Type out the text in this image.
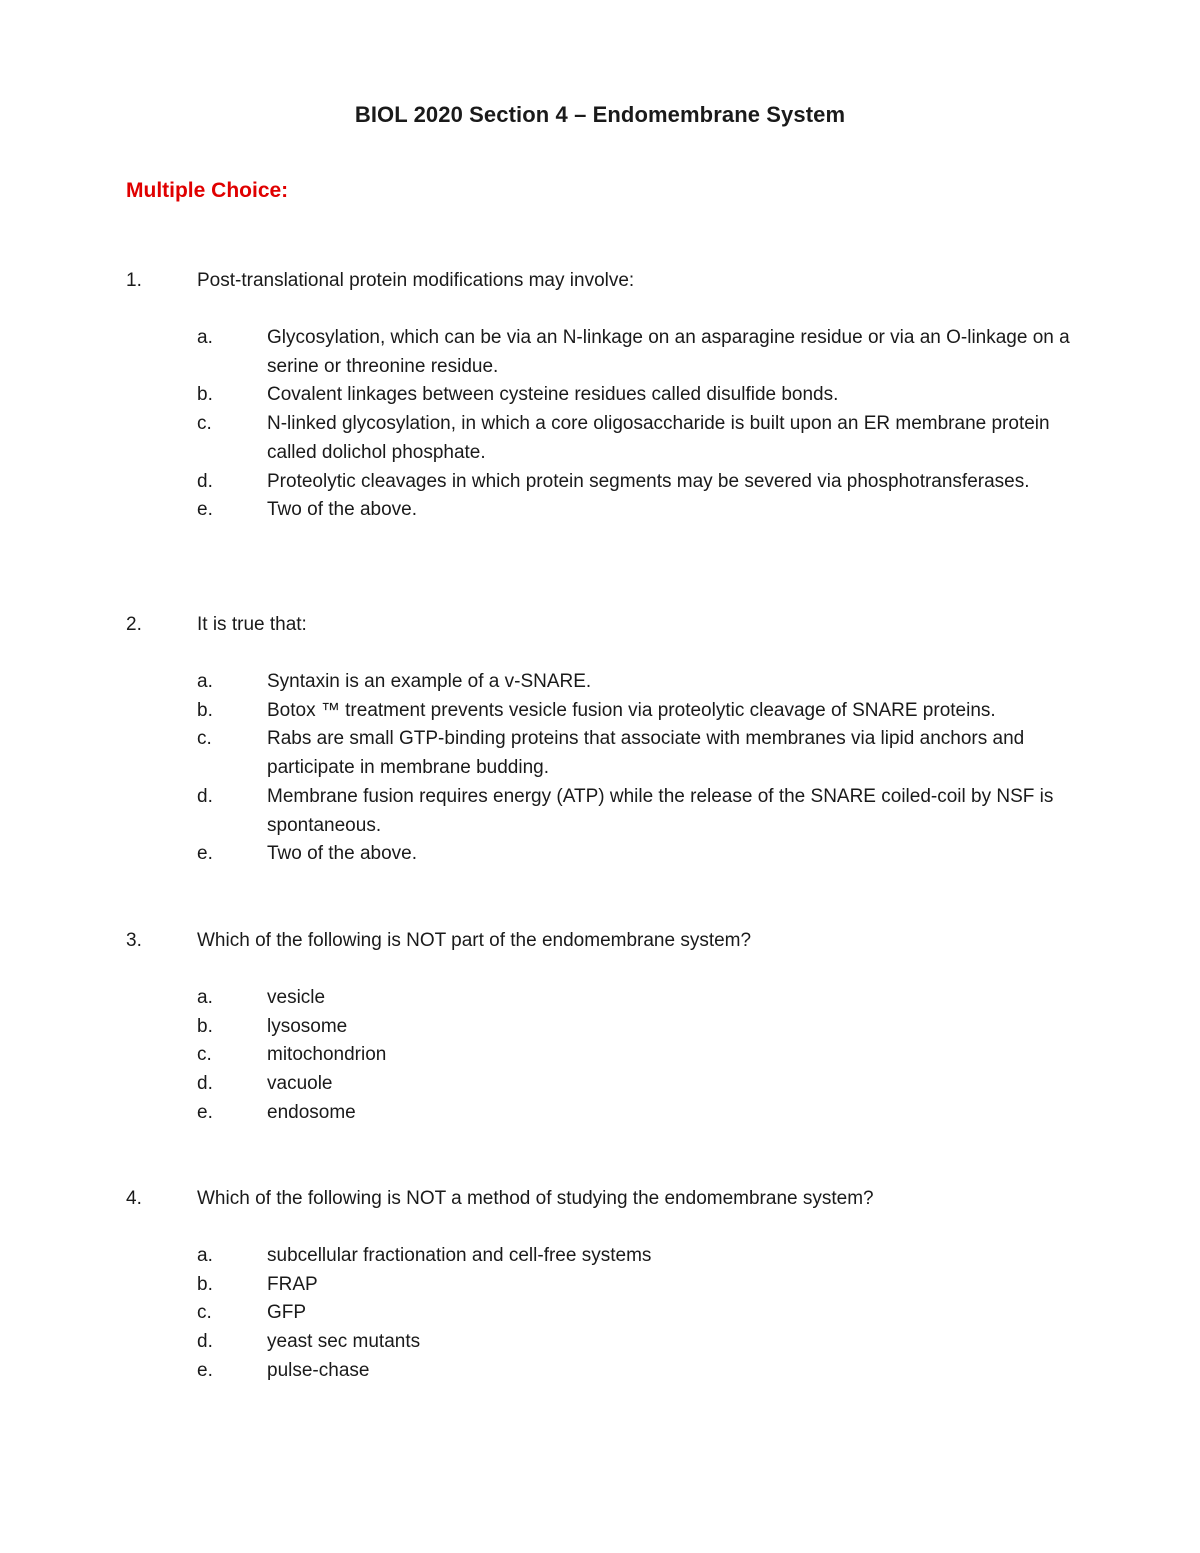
BIOL 2020 Section 4 – Endomembrane System
Multiple Choice:
1.	Post-translational protein modifications may involve:
a.	Glycosylation, which can be via an N-linkage on an asparagine residue or via an O-linkage on a serine or threonine residue.
b.	Covalent linkages between cysteine residues called disulfide bonds.
c.	N-linked glycosylation, in which a core oligosaccharide is built upon an ER membrane protein called dolichol phosphate.
d.	Proteolytic cleavages in which protein segments may be severed via phosphotransferases.
e.	Two of the above.
2.	It is true that:
a.	Syntaxin is an example of a v-SNARE.
b.	Botox ™ treatment prevents vesicle fusion via proteolytic cleavage of SNARE proteins.
c.	Rabs are small GTP-binding proteins that associate with membranes via lipid anchors and participate in membrane budding.
d.	Membrane fusion requires energy (ATP) while the release of the SNARE coiled-coil by NSF is spontaneous.
e.	Two of the above.
3.	Which of the following is NOT part of the endomembrane system?
a.	vesicle
b.	lysosome
c.	mitochondrion
d.	vacuole
e.	endosome
4.	Which of the following is NOT a method of studying the endomembrane system?
a.	subcellular fractionation and cell-free systems
b.	FRAP
c.	GFP
d.	yeast sec mutants
e.	pulse-chase
